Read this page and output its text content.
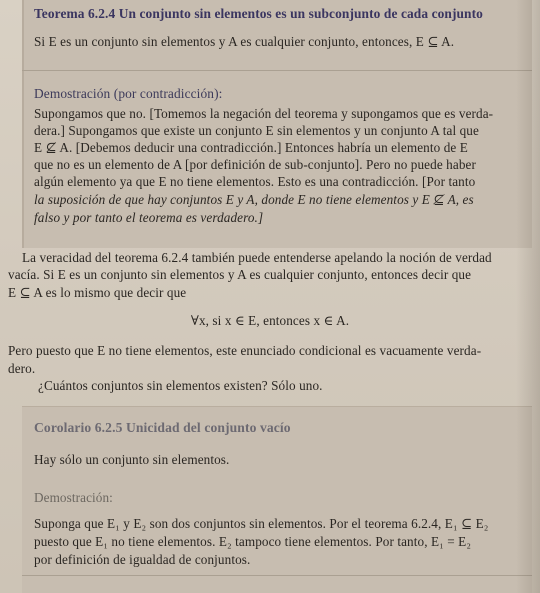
Teorema 6.2.4 Un conjunto sin elementos es un subconjunto de cada conjunto
Si E es un conjunto sin elementos y A es cualquier conjunto, entonces, E ⊆ A.
Demostración (por contradicción):
Supongamos que no. [Tomemos la negación del teorema y supongamos que es verda-
dera.] Supongamos que existe un conjunto E sin elementos y un conjunto A tal que
E ⊈ A. [Debemos deducir una contradicción.] Entonces habría un elemento de E
que no es un elemento de A [por definición de sub-conjunto]. Pero no puede haber
algún elemento ya que E no tiene elementos. Esto es una contradicción. [Por tanto
la suposición de que hay conjuntos E y A, donde E no tiene elementos y E ⊈ A, es
falso y por tanto el teorema es verdadero.]
La veracidad del teorema 6.2.4 también puede entenderse apelando la noción de verdad
vacía. Si E es un conjunto sin elementos y A es cualquier conjunto, entonces decir que
E ⊆ A es lo mismo que decir que
∀x, si x ∈ E, entonces x ∈ A.
Pero puesto que E no tiene elementos, este enunciado condicional es vacuamente verda-
dero.
¿Cuántos conjuntos sin elementos existen? Sólo uno.
Corolario 6.2.5 Unicidad del conjunto vacío
Hay sólo un conjunto sin elementos.
Demostración:
Suponga que E₁ y E₂ son dos conjuntos sin elementos. Por el teorema 6.2.4, E₁ ⊆ E₂
puesto que E₁ no tiene elementos. E₂ tampoco tiene elementos. Por tanto, E₁ = E₂
por definición de igualdad de conjuntos.
